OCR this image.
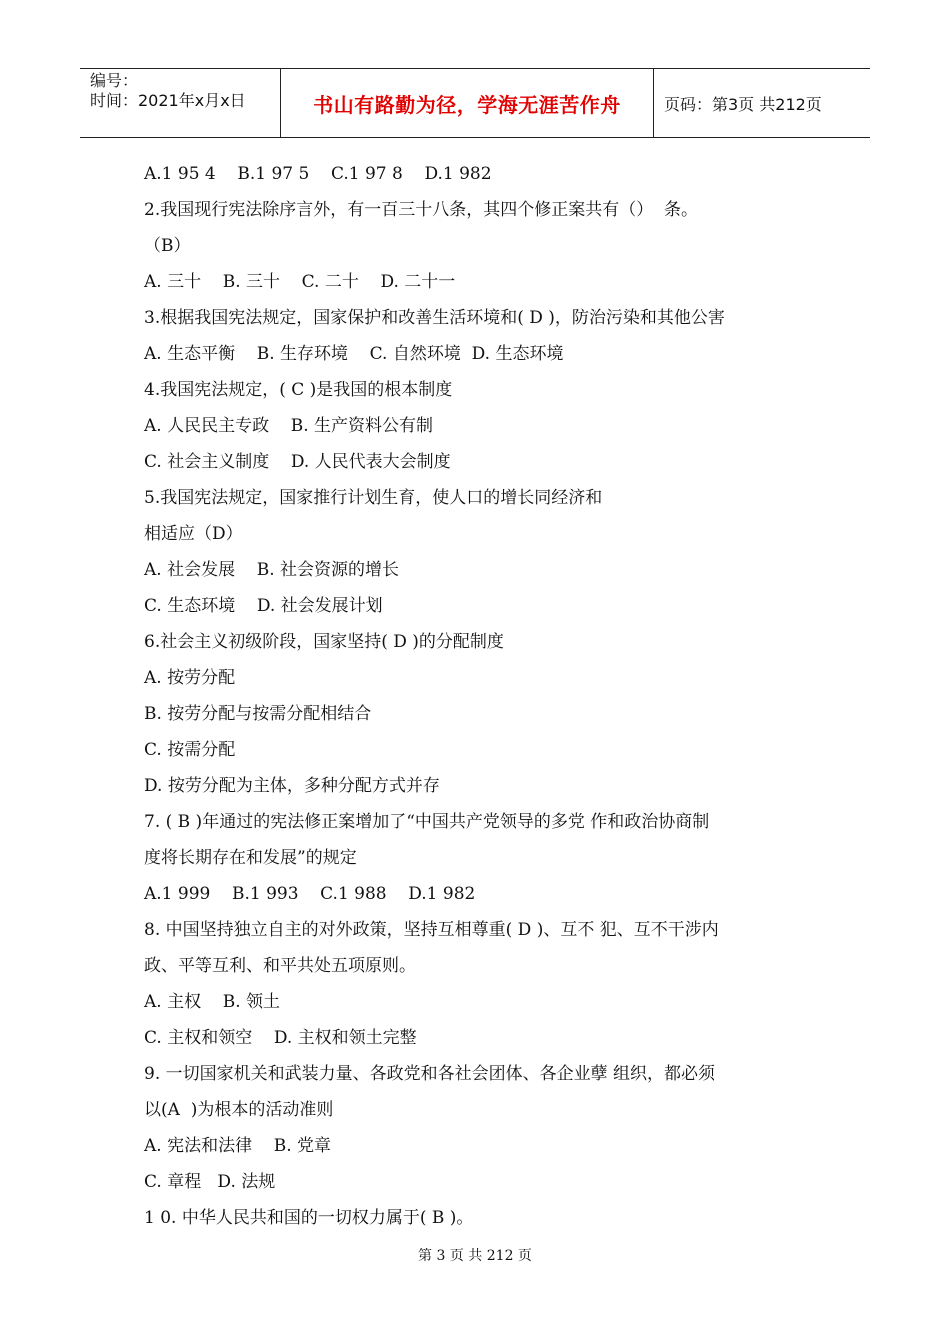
编号：
时间：2021年x月x日	书山有路勤为径，学海无涯苦作舟	页码：第3页 共212页
A.1 95 4    B.1 97 5    C.1 97 8    D.1 982
2.我国现行宪法除序言外，有一百三十八条，其四个修正案共有（）  条。
（B）
A. 三十    B. 三十    C. 二十    D. 二十一
3.根据我国宪法规定，国家保护和改善生活环境和( D )，防治污染和其他公害
A. 生态平衡    B. 生存环境    C. 自然环境  D. 生态环境
4.我国宪法规定，( C )是我国的根本制度
A. 人民民主专政    B. 生产资料公有制
C. 社会主义制度    D. 人民代表大会制度
5.我国宪法规定，国家推行计划生育，使人口的增长同经济和
相适应（D）
A. 社会发展    B. 社会资源的增长
C. 生态环境    D. 社会发展计划
6.社会主义初级阶段，国家坚持( D )的分配制度
A. 按劳分配
B. 按劳分配与按需分配相结合
C. 按需分配
D. 按劳分配为主体，多种分配方式并存
7. ( B )年通过的宪法修正案增加了“中国共产党领导的多党 作和政治协商制
度将长期存在和发展”的规定
A.1 999    B.1 993    C.1 988    D.1 982
8. 中国坚持独立自主的对外政策，坚持互相尊重( D )、互不 犯、互不干涉内
政、平等互利、和平共处五项原则。
A. 主权    B. 领土
C. 主权和领空    D. 主权和领土完整
9. 一切国家机关和武装力量、各政党和各社会团体、各企业孽 组织，都必须
以(A  )为根本的活动准则
A. 宪法和法律    B. 党章
C. 章程   D. 法规
1 0. 中华人民共和国的一切权力属于( B )。
第 3 页 共 212 页
